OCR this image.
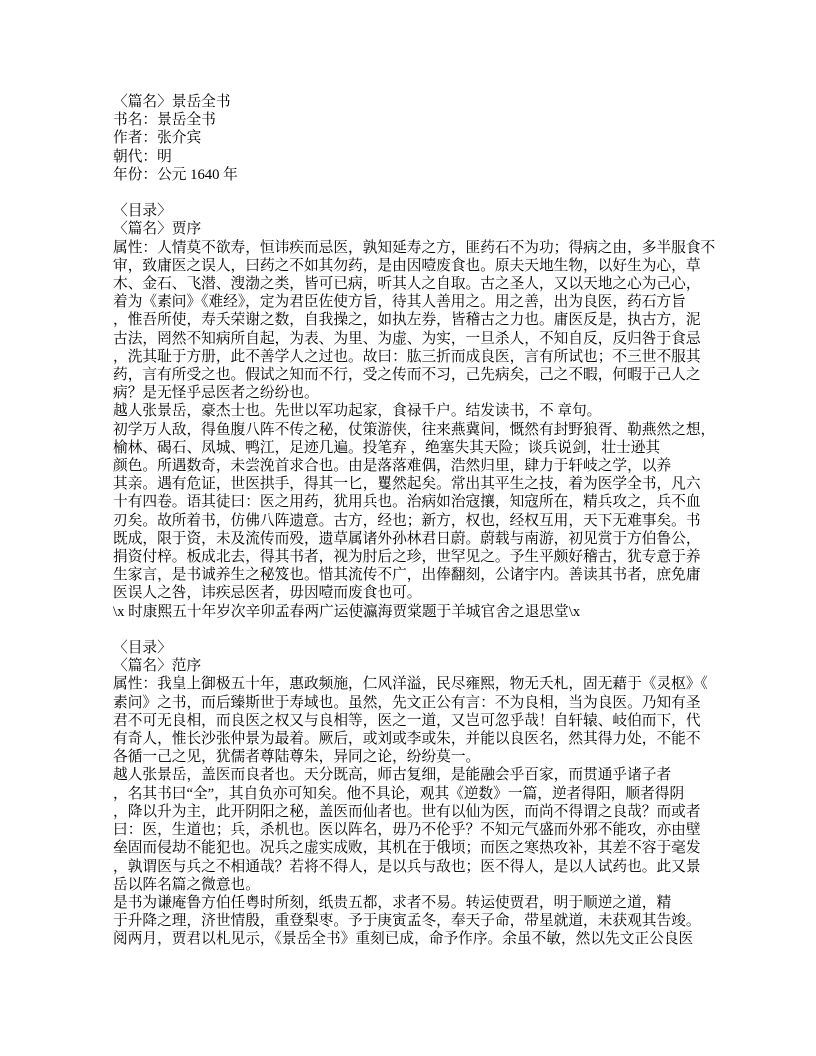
〈篇名〉景岳全书
书名：景岳全书
作者：张介宾
朝代：明
年份：公元 1640 年
〈目录〉
〈篇名〉贾序
属性：人情莫不欲寿，恒讳疾而忌医，孰知延寿之方，匪药石不为功；得病之由，多半服食不
审，致庸医之误人，曰药之不如其勿药，是由因噎废食也。原夫天地生物，以好生为心，草
木、金石、飞潜、溲渤之类，皆可已病，听其人之自取。古之圣人，又以天地之心为己心，
着为《素问》《难经》，定为君臣佐使方旨，待其人善用之。用之善，出为良医，药石方旨
，惟吾所使，寿夭荣谢之数，自我操之，如执左券，皆稽古之力也。庸医反是，执古方，泥
古法，罔然不知病所自起，为表、为里、为虚、为实，一旦杀人，不知自反，反归咎于食忌
，洗其耻于方册，此不善学人之过也。故曰：肱三折而成良医，言有所试也；不三世不服其
药，言有所受之也。假试之知而不行，受之传而不习，己先病矣，己之不暇，何暇于己人之
病？是无怪乎忌医者之纷纷也。
越人张景岳，豪杰士也。先世以军功起家，食禄千户。结发读书，不 章句。
初学万人敌，得鱼腹八阵不传之秘，仗策游侠，往来燕冀间，慨然有封野狼胥、勒燕然之想，
榆林、碣石、凤城、鸭江，足迹几遍。投笔弃 ，绝塞失其天险；谈兵说剑，壮士逊其
颜色。所遇数奇，未尝浼首求合也。由是落落难偶，浩然归里，肆力于轩岐之学，以养
其亲。遇有危证，世医拱手，得其一匕，矍然起矣。常出其平生之技，着为医学全书，凡六
十有四卷。语其徒曰：医之用药，犹用兵也。治病如治寇攘，知寇所在，精兵攻之，兵不血
刃矣。故所着书，仿佛八阵遗意。古方，经也；新方，权也，经权互用，天下无难事矣。书
既成，限于资，未及流传而殁，遗草属诸外孙林君日蔚。蔚载与南游，初见赏于方伯鲁公，
捐资付梓。板成北去，得其书者，视为肘后之珍，世罕见之。予生平颇好稽古，犹专意于养
生家言，是书诚养生之秘笈也。惜其流传不广，出俸翻刻，公诸宇内。善读其书者，庶免庸
医误人之咎，讳疾忌医者，毋因噎而废食也可。
\x 时康熙五十年岁次辛卯孟春两广运使瀛海贾棠题于羊城官舍之退思堂\x
〈目录〉
〈篇名〉范序
属性：我皇上御极五十年，惠政频施，仁风洋溢，民尽雍熙，物无夭札，固无藉于《灵枢》《
素问》之书，而后臻斯世于寿域也。虽然，先文正公有言：不为良相，当为良医。乃知有圣
君不可无良相，而良医之权又与良相等，医之一道，又岂可忽乎哉！自轩辕、岐伯而下，代
有奇人，惟长沙张仲景为最着。厥后，或刘或李或朱，并能以良医名，然其得力处，不能不
各循一己之见，犹儒者尊陆尊朱，异同之论，纷纷莫一。
越人张景岳，盖医而良者也。天分既高，师古复细，是能融会乎百家，而贯通乎诸子者
，名其书曰“全”，其自负亦可知矣。他不具论，观其《逆数》一篇，逆者得阳，顺者得阴
，降以升为主，此开阴阳之秘，盖医而仙者也。世有以仙为医，而尚不得谓之良哉？而或者
曰：医，生道也；兵，杀机也。医以阵名，毋乃不伦乎？不知元气盛而外邪不能攻，亦由壁
垒固而侵劫不能犯也。况兵之虚实成败，其机在于俄顷；而医之寒热攻补，其差不容于毫发
，孰谓医与兵之不相通哉？若将不得人，是以兵与敌也；医不得人，是以人试药也。此又景
岳以阵名篇之微意也。
是书为谦庵鲁方伯任粤时所刻，纸贵五都，求者不易。转运使贾君，明于顺逆之道，精
于升降之理，济世情殷，重登梨枣。予于庚寅孟冬，奉天子命，带星就道，未获观其告竣。
阅两月，贾君以札见示，《景岳全书》重刻已成，命予作序。余虽不敏，然以先文正公良医
